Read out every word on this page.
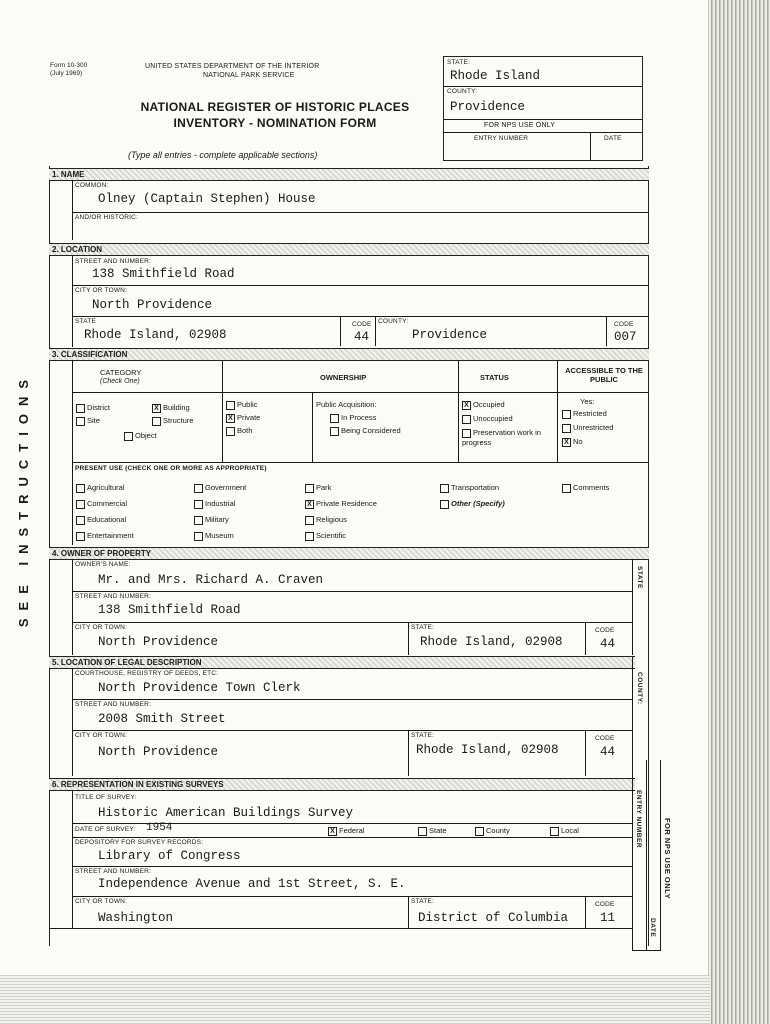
Form 10-300
(July 1969)
UNITED STATES DEPARTMENT OF THE INTERIOR
NATIONAL PARK SERVICE
NATIONAL REGISTER OF HISTORIC PLACES
INVENTORY - NOMINATION FORM
(Type all entries - complete applicable sections)
STATE:
Rhode Island
COUNTY:
Providence
FOR NPS USE ONLY
ENTRY NUMBER	DATE
SEE INSTRUCTIONS
1. NAME
COMMON:
Olney (Captain Stephen) House
AND/OR HISTORIC:
2. LOCATION
STREET AND NUMBER:
138 Smithfield Road
CITY OR TOWN:
North Providence
STATE
Rhode Island, 02908
CODE
44
COUNTY:
Providence
CODE
007
3. CLASSIFICATION
CATEGORY
(Check One)	OWNERSHIP	STATUS
ACCESSIBLE TO THE PUBLIC
District	X Building
Site	Structure
Object
Public
X Private
Both
Public Acquisition:
In Process
Being Considered
X Occupied
Unoccupied
Preservation work in progress
Yes:
Restricted
Unrestricted
X No
PRESENT USE (CHECK ONE OR MORE AS APPROPRIATE)
Agricultural	Government	Park	Transportation	Comments
Commercial	Industrial	X Private Residence	Other (Specify)
Educational	Military	Religious
Entertainment	Museum	Scientific
4. OWNER OF PROPERTY
STATE
OWNER'S NAME:
Mr. and Mrs. Richard A. Craven
STREET AND NUMBER:
138 Smithfield Road
CITY OR TOWN:
North Providence
STATE:
Rhode Island, 02908
CODE
44
5. LOCATION OF LEGAL DESCRIPTION
COUNTY:
COURTHOUSE, REGISTRY OF DEEDS, ETC:
North Providence Town Clerk
STREET AND NUMBER:
2008 Smith Street
CITY OR TOWN:
North Providence
STATE:
Rhode Island, 02908
CODE
44
6. REPRESENTATION IN EXISTING SURVEYS
ENTRY NUMBER
DATE
FOR NPS USE ONLY
TITLE OF SURVEY:
Historic American Buildings Survey
DATE OF SURVEY: 1954	X Federal	State	County	Local
DEPOSITORY FOR SURVEY RECORDS:
Library of Congress
STREET AND NUMBER:
Independence Avenue and 1st Street, S. E.
CITY OR TOWN:
Washington
STATE:
District of Columbia
CODE
11
